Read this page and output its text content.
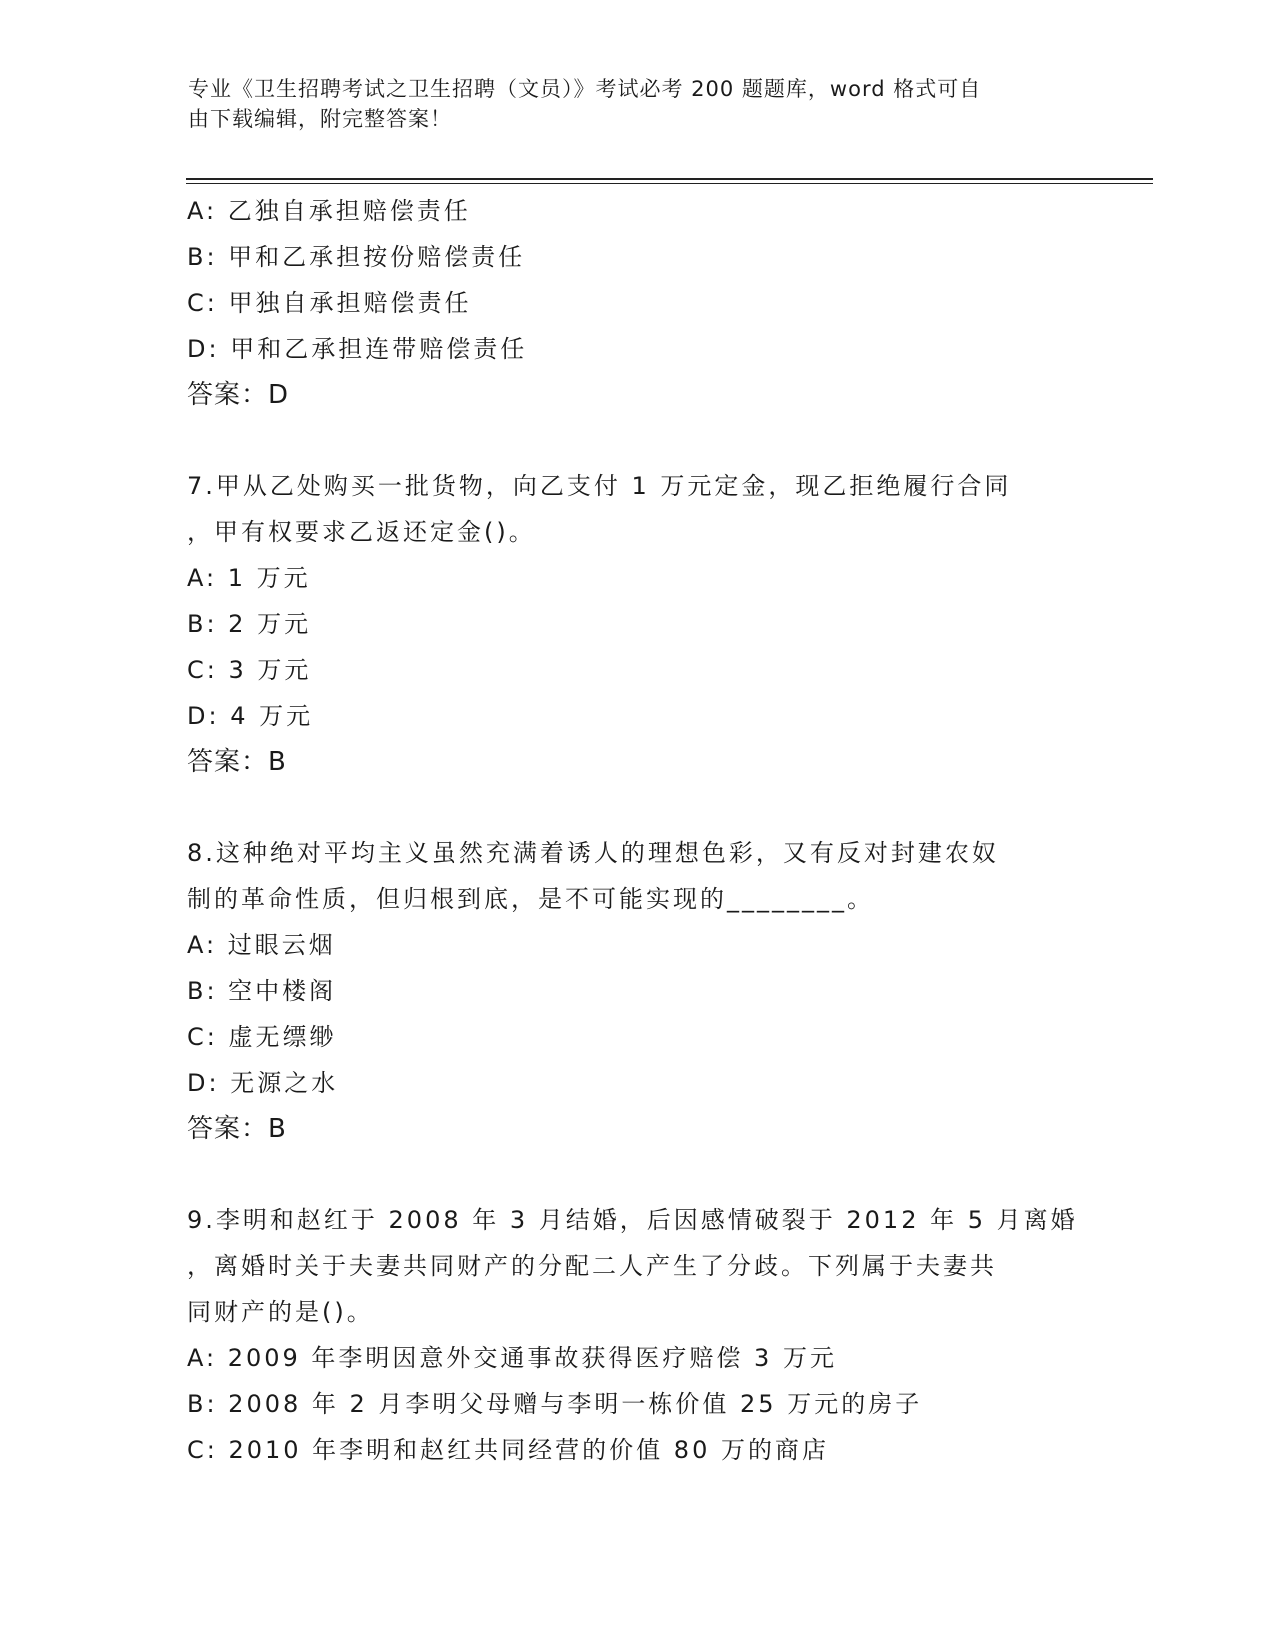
专业《卫生招聘考试之卫生招聘（文员）》考试必考 200 题题库，word 格式可自
由下载编辑，附完整答案！

A: 乙独自承担赔偿责任
B: 甲和乙承担按份赔偿责任
C: 甲独自承担赔偿责任
D: 甲和乙承担连带赔偿责任
答案：D
7.甲从乙处购买一批货物，向乙支付 1 万元定金，现乙拒绝履行合同
，甲有权要求乙返还定金()。
A: 1 万元
B: 2 万元
C: 3 万元
D: 4 万元
答案：B
8.这种绝对平均主义虽然充满着诱人的理想色彩，又有反对封建农奴
制的革命性质，但归根到底，是不可能实现的________。
A: 过眼云烟
B: 空中楼阁
C: 虚无缥缈
D: 无源之水
答案：B
9.李明和赵红于 2008 年 3 月结婚，后因感情破裂于 2012 年 5 月离婚
，离婚时关于夫妻共同财产的分配二人产生了分歧。下列属于夫妻共
同财产的是()。
A: 2009 年李明因意外交通事故获得医疗赔偿 3 万元
B: 2008 年 2 月李明父母赠与李明一栋价值 25 万元的房子
C: 2010 年李明和赵红共同经营的价值 80 万的商店
